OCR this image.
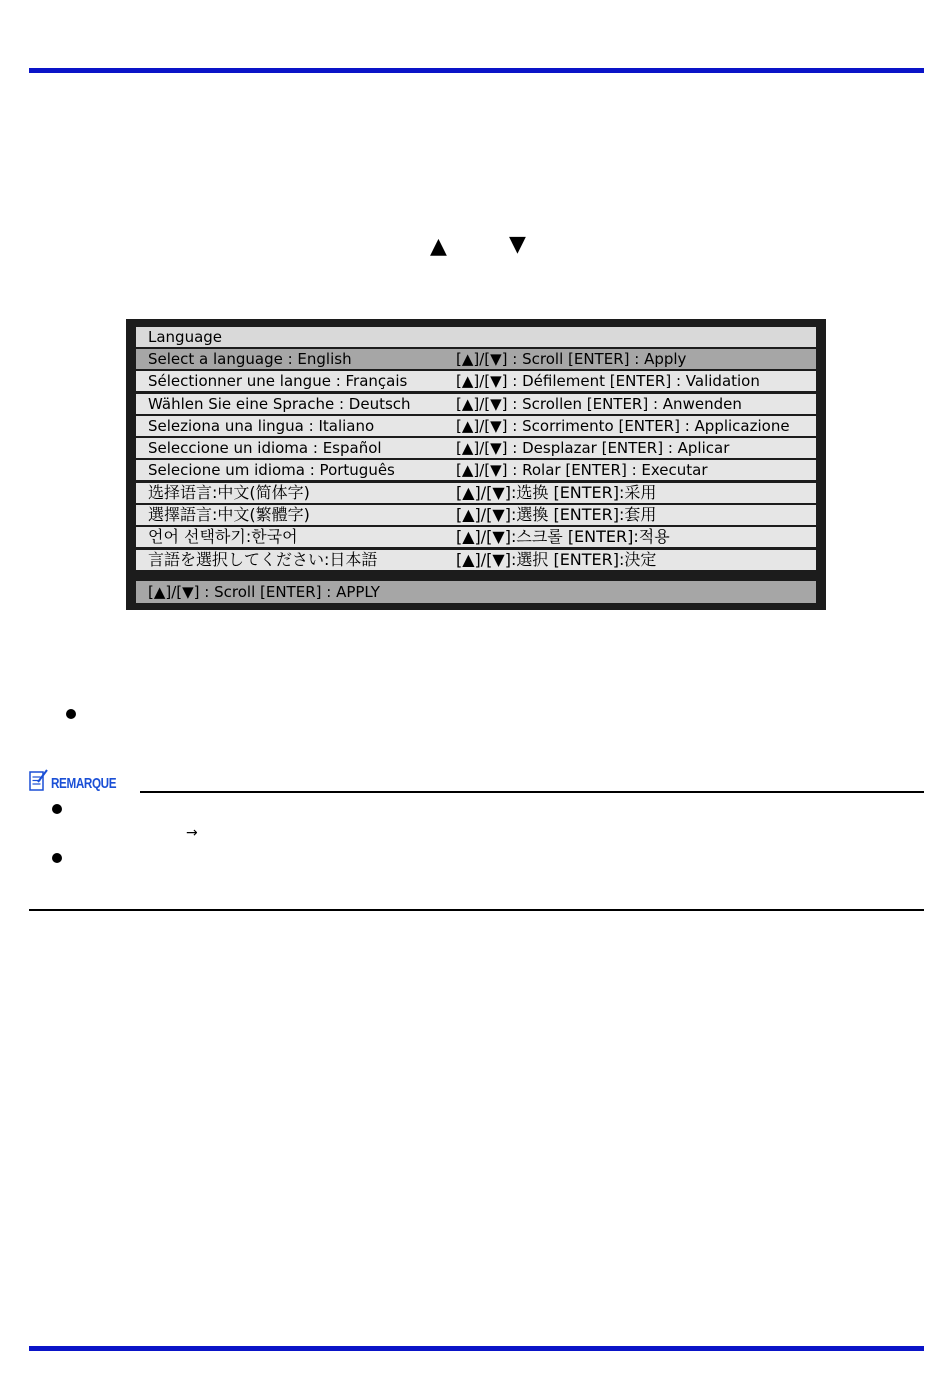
▲	▼
Language
Select a language : English	[▲]/[▼] : Scroll [ENTER] : Apply
Sélectionner une langue : Français	[▲]/[▼] : Défilement [ENTER] : Validation
Wählen Sie eine Sprache : Deutsch	[▲]/[▼] : Scrollen [ENTER] : Anwenden
Seleziona una lingua : Italiano	[▲]/[▼] : Scorrimento [ENTER] : Applicazione
Seleccione un idioma : Español	[▲]/[▼] : Desplazar [ENTER] : Aplicar
Selecione um idioma : Português	[▲]/[▼] : Rolar [ENTER] : Executar
选择语言:中文(简体字)	[▲]/[▼]:选换 [ENTER]:采用
選擇語言:中文(繁體字)	[▲]/[▼]:選換 [ENTER]:套用
언어 선택하기:한국어	[▲]/[▼]:스크롤 [ENTER]:적용
言語を選択してください:日本語	[▲]/[▼]:選択 [ENTER]:決定
[▲]/[▼] : Scroll [ENTER] : APPLY
REMARQUE
→
